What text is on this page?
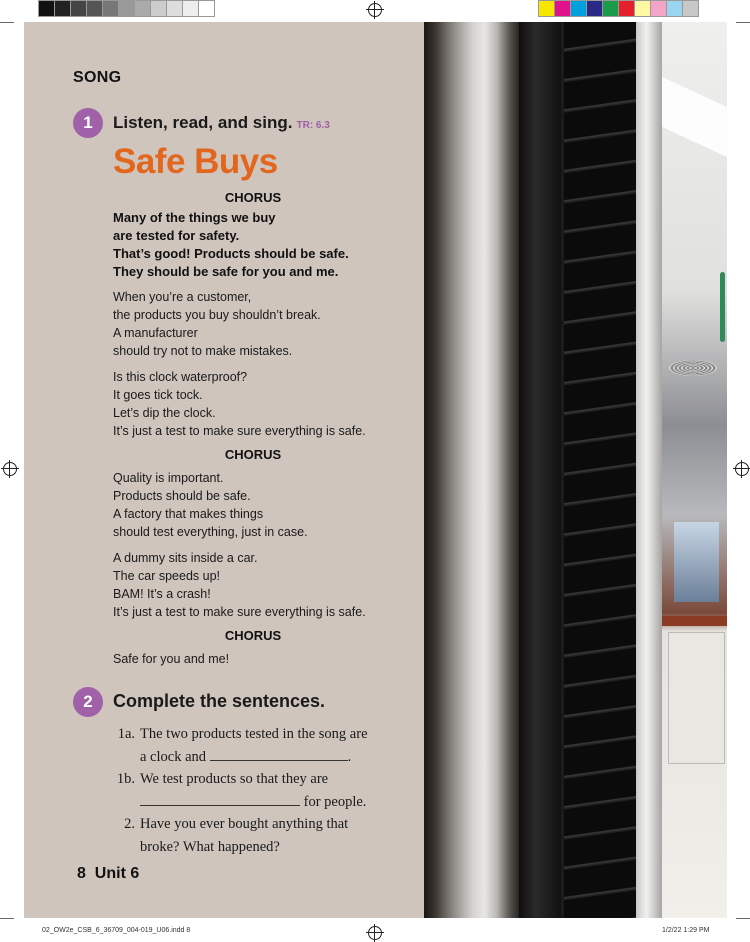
SONG
1	Listen, read, and sing. TR: 6.3
Safe Buys
CHORUS
Many of the things we buy
are tested for safety.
That’s good! Products should be safe.
They should be safe for you and me.
When you’re a customer,
the products you buy shouldn’t break.
A manufacturer
should try not to make mistakes.
Is this clock waterproof?
It goes tick tock.
Let’s dip the clock.
It’s just a test to make sure everything is safe.
CHORUS
Quality is important.
Products should be safe.
A factory that makes things
should test everything, just in case.
A dummy sits inside a car.
The car speeds up!
BAM! It’s a crash!
It’s just a test to make sure everything is safe.
CHORUS
Safe for you and me!
2	Complete the sentences.
1a. The two products tested in the song are
a clock and	.
1b. We test products so that they are
for people.
2. Have you ever bought anything that
broke? What happened?
8 Unit 6
02_OW2e_CSB_6_36709_004-019_U06.indd 8	1/2/22 1:29 PM
